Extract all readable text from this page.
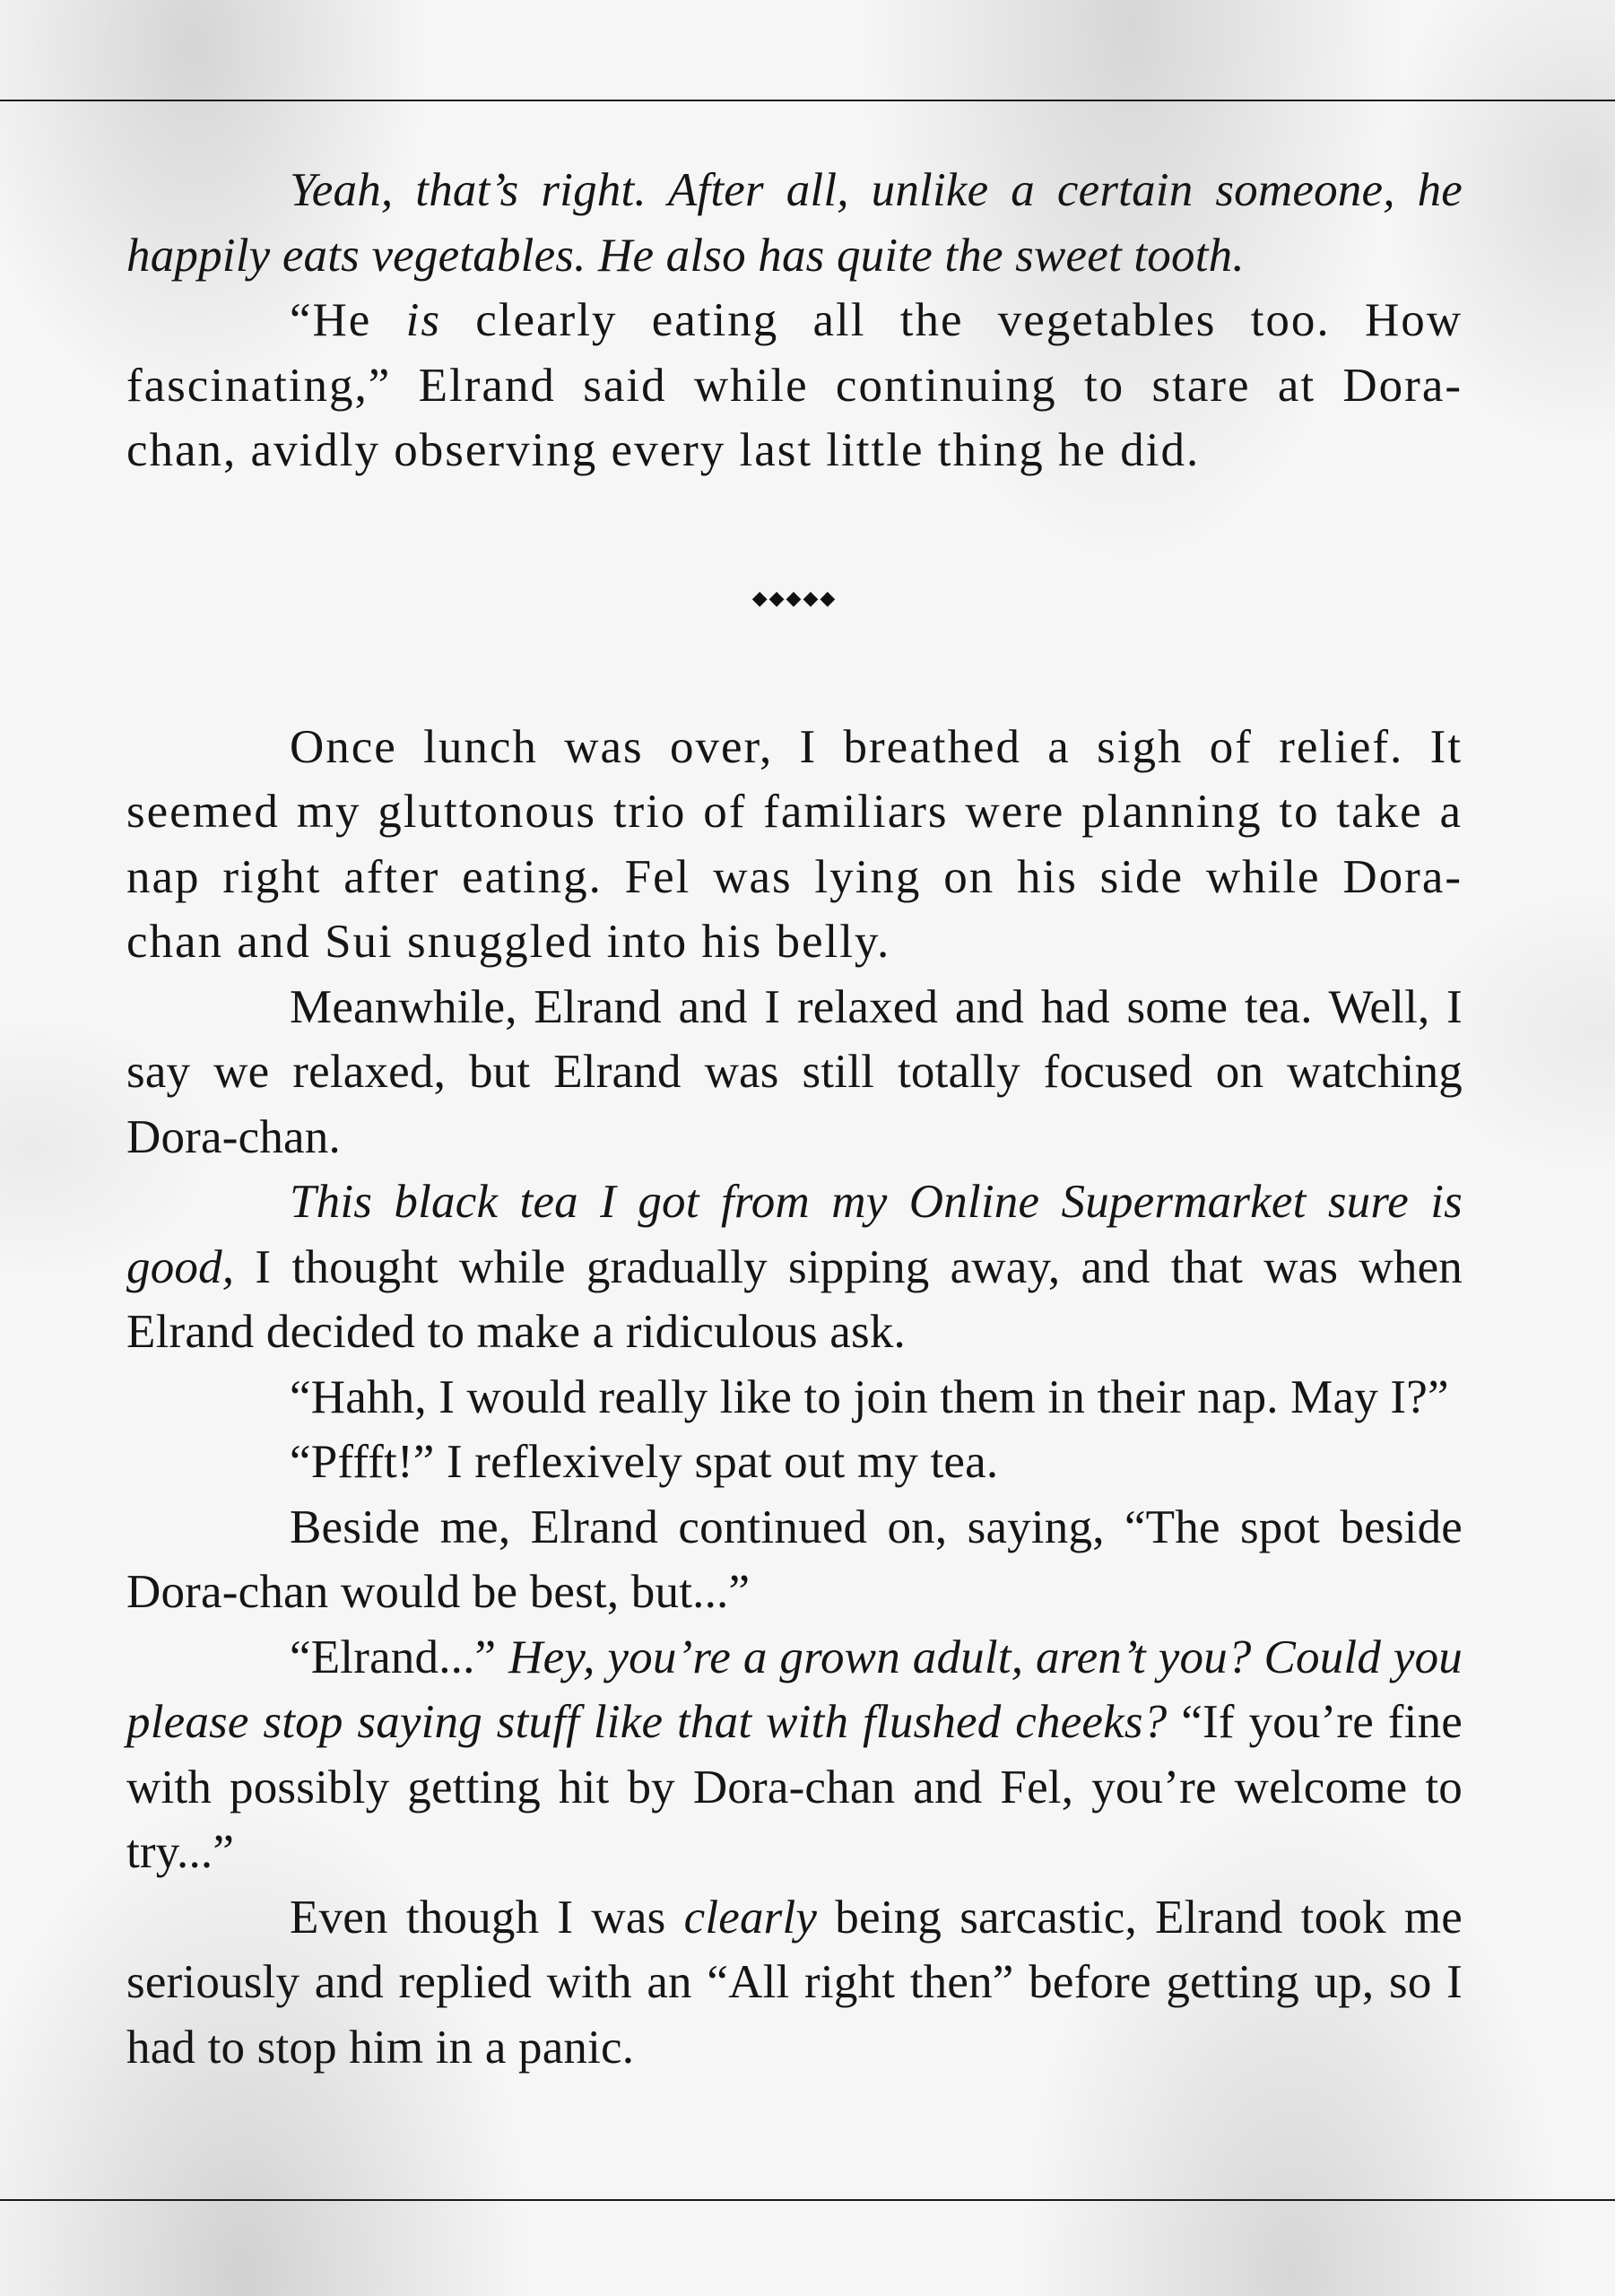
Yeah, that’s right. After all, unlike a certain someone, he happily eats vegetables. He also has quite the sweet tooth.

“He is clearly eating all the vegetables too. How fascinating,” Elrand said while continuing to stare at Dora-chan, avidly observing every last little thing he did.

◆◆◆◆◆

Once lunch was over, I breathed a sigh of relief. It seemed my gluttonous trio of familiars were planning to take a nap right after eating. Fel was lying on his side while Dora-chan and Sui snuggled into his belly.

Meanwhile, Elrand and I relaxed and had some tea. Well, I say we relaxed, but Elrand was still totally focused on watching Dora-chan.

This black tea I got from my Online Supermarket sure is good, I thought while gradually sipping away, and that was when Elrand decided to make a ridiculous ask.

“Hahh, I would really like to join them in their nap. May I?”

“Pffft!” I reflexively spat out my tea.

Beside me, Elrand continued on, saying, “The spot beside Dora-chan would be best, but...”

“Elrand...” Hey, you’re a grown adult, aren’t you? Could you please stop saying stuff like that with flushed cheeks? “If you’re fine with possibly getting hit by Dora-chan and Fel, you’re welcome to try...”

Even though I was clearly being sarcastic, Elrand took me seriously and replied with an “All right then” before getting up, so I had to stop him in a panic.
